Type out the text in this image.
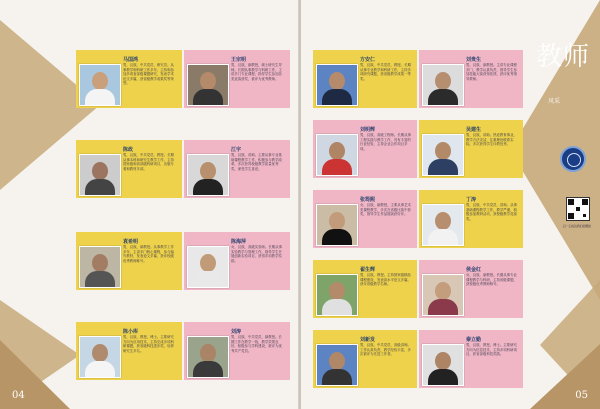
马国鸿
男，汉族，中共党员，研究员。从事教学和科研工作多年，主持和参加多项省部级课题研究，发表学术论文多篇，获省级教学成果奖等荣誉。
王宗明
男，汉族，副教授，硕士研究生导师。长期从事教学与科研工作，主讲多门专业课程，指导学生参加各类竞赛获奖，被评为优秀教师。
陈政
男，汉族，中共党员，教授。长期从事本科和研究生教学工作，主持国家级和省部级科研项目，出版专著和教材多部。
江宇
男，汉族，讲师。主要从事专业基础课程教学工作，积极参与教学改革，多次获得校级教学质量优秀奖，深受学生喜爱。
袁希明
男，汉族，副教授。从事教学工作多年，主讲多门核心课程，参与编写教材，发表论文多篇，获评校级优秀教师称号。
陈海萍
女，汉族，高级实验师。长期从事实验教学与管理工作，指导学生开展创新实验项目，获得多项教学奖励。
陈小库
男，汉族，教授，博士。主要研究方向为应用技术，主持完成多项科研课题，获省级科技进步奖，培养研究生多名。
刘涛
男，汉族，中共党员，副教授。长期工作在教学一线，教学效果良好，积极参与学科建设，被评为优秀共产党员。
04
方安仁
男，汉族，中共党员，教授。长期从事专业教学和科研工作，主持多项研究课题，获省级教学成果一等奖。
刘贵生
男，汉族，副教授。主讲专业课程多门，教学认真负责，指导学生参加技能大赛获得佳绩，获评优秀指导教师。
刘明辉
男，汉族，高级工程师。长期从事工程实践与教学工作，具有丰富的行业经验，主持企业合作项目多项。
吴建生
男，汉族，讲师。热爱教育事业，教学方法灵活，注重理论联系实际，多次获得学生评教优秀。
张筠熙
女，汉族，副教授。主要从事艺术类课程教学，多次在省级比赛中获奖，指导学生作品展演获好评。
丁涛
男，汉族，中共党员，讲师。从事基础课程教学工作，教学严谨，积极参加教研活动，获校级教学竞赛奖。
翟生辉
男，汉族，教授。主持国家级精品课程建设，发表高水平论文多篇，获评省级教学名师。
侯金红
女，汉族，副教授。长期从事专业课程教学与科研，主持省级课题，获校级优秀教师称号。
刘新发
男，汉族，中共党员，高级讲师。工作认真负责，教学经验丰富，多次被评为先进工作者。
秦立勤
男，汉族，教授，博士。主要研究方向为信息技术，主持多项科研项目，获省部级科技奖励。
05
教师
风采
扫一扫关注我们的微信
